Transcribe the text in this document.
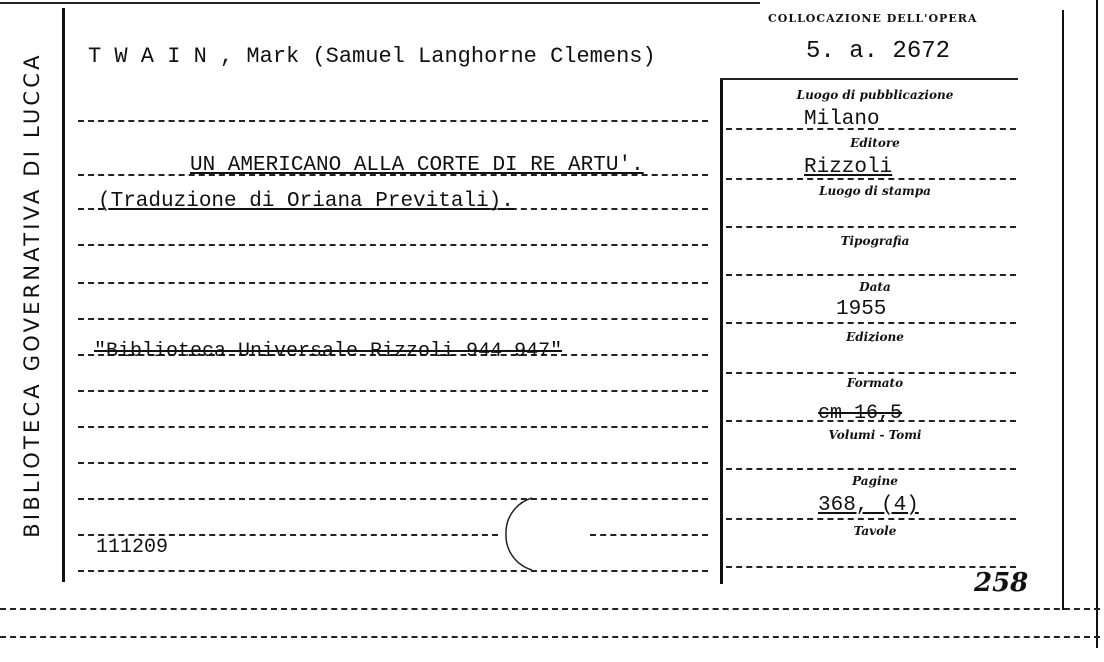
BIBLIOTECA GOVERNATIVA DI LUCCA
COLLOCAZIONE DELL'OPERA
5. a. 2672
T W A I N , Mark (Samuel Langhorne Clemens)
UN AMERICANO ALLA CORTE DI RE ARTU'.
(Traduzione di Oriana Previtali).
"Biblioteca Universale Rizzoli 944-947"
111209
Luogo di pubblicazione
Milano
Editore
Rizzoli
Luogo di stampa
Tipografia
Data
1955
Edizione
Formato
cm 16,5
Volumi - Tomi
Pagine
368, (4)
Tavole
258
